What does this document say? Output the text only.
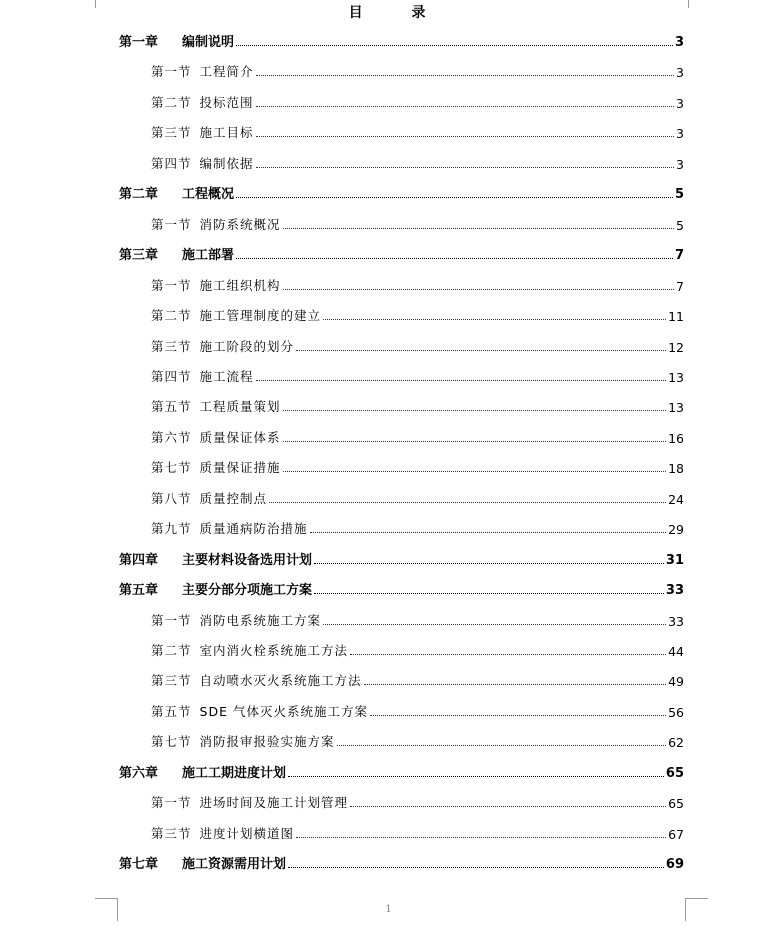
目	录
第一章 编制说明	3
第一节 工程简介	3
第二节 投标范围	3
第三节 施工目标	3
第四节 编制依据	3
第二章 工程概况	5
第一节 消防系统概况	5
第三章 施工部署	7
第一节 施工组织机构	7
第二节 施工管理制度的建立	11
第三节 施工阶段的划分	12
第四节 施工流程	13
第五节 工程质量策划	13
第六节 质量保证体系	16
第七节 质量保证措施	18
第八节 质量控制点	24
第九节 质量通病防治措施	29
第四章 主要材料设备选用计划	31
第五章 主要分部分项施工方案	33
第一节 消防电系统施工方案	33
第二节 室内消火栓系统施工方法	44
第三节 自动喷水灭火系统施工方法	49
第五节 SDE 气体灭火系统施工方案	56
第七节 消防报审报验实施方案	62
第六章 施工工期进度计划	65
第一节 进场时间及施工计划管理	65
第三节 进度计划横道图	67
第七章 施工资源需用计划	69
1
